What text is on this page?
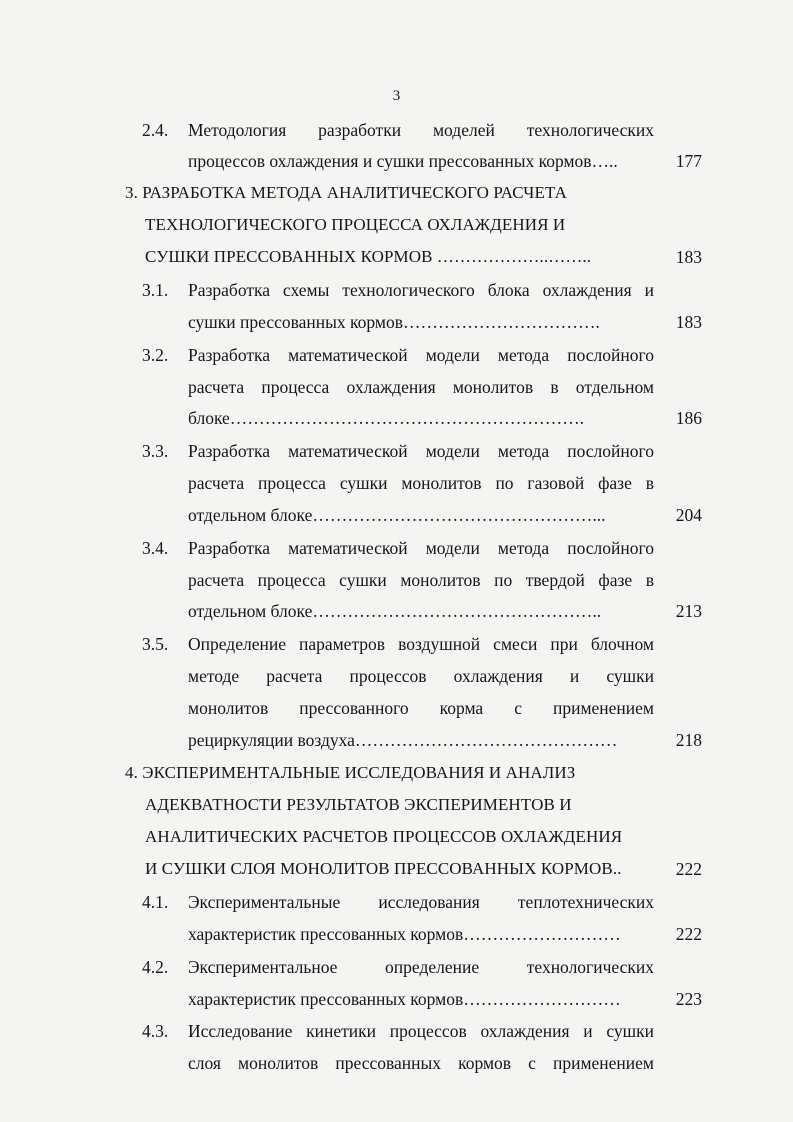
3
2.4. Методология разработки моделей технологических
процессов охлаждения и сушки прессованных кормов…..	177
3. РАЗРАБОТКА МЕТОДА АНАЛИТИЧЕСКОГО РАСЧЕТА
ТЕХНОЛОГИЧЕСКОГО ПРОЦЕССА ОХЛАЖДЕНИЯ И
СУШКИ ПРЕССОВАННЫХ КОРМОВ ………………..……..	183
3.1. Разработка схемы технологического блока охлаждения и
сушки прессованных кормов…………………………….	183
3.2. Разработка математической модели метода послойного
расчета процесса охлаждения монолитов в отдельном
блоке…………………………………………………….	186
3.3. Разработка математической модели метода послойного
расчета процесса сушки монолитов по газовой фазе в
отдельном блоке…………………………………………...	204
3.4. Разработка математической модели метода послойного
расчета процесса сушки монолитов по твердой фазе в
отдельном блоке…………………………………………..	213
3.5. Определение параметров воздушной смеси при блочном
методе расчета процессов охлаждения и сушки
монолитов прессованного корма с применением
рециркуляции воздуха………………………………………	218
4. ЭКСПЕРИМЕНТАЛЬНЫЕ ИССЛЕДОВАНИЯ И АНАЛИЗ
АДЕКВАТНОСТИ РЕЗУЛЬТАТОВ ЭКСПЕРИМЕНТОВ И
АНАЛИТИЧЕСКИХ РАСЧЕТОВ ПРОЦЕССОВ ОХЛАЖДЕНИЯ
И СУШКИ СЛОЯ МОНОЛИТОВ ПРЕССОВАННЫХ КОРМОВ..	222
4.1. Экспериментальные исследования теплотехнических
характеристик прессованных кормов………………………	222
4.2. Экспериментальное определение технологических
характеристик прессованных кормов………………………	223
4.3. Исследование кинетики процессов охлаждения и сушки
слоя монолитов прессованных кормов с применением
